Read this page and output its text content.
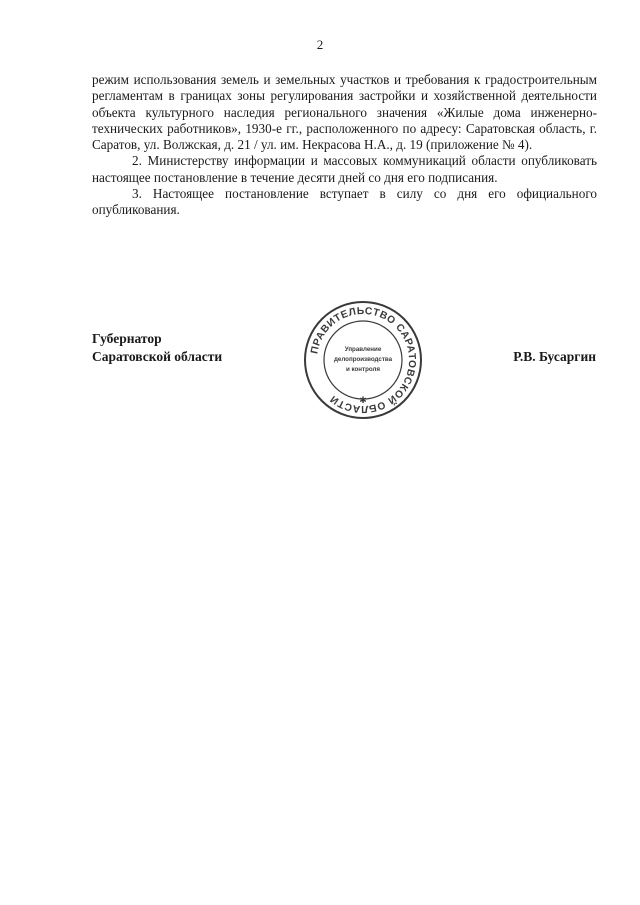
2

режим использования земель и земельных участков и требования к градостроительным регламентам в границах зоны регулирования застройки и хозяйственной деятельности объекта культурного наследия регионального значения «Жилые дома инженерно-технических работников», 1930-е гг., расположенного по адресу: Саратовская область, г. Саратов, ул. Волжская, д. 21 / ул. им. Некрасова Н.А., д. 19 (приложение № 4).

2. Министерству информации и массовых коммуникаций области опубликовать настоящее постановление в течение десяти дней со дня его подписания.

3. Настоящее постановление вступает в силу со дня его официального опубликования.

Губернатор
Саратовской области	Р.В. Бусаргин
ПРАВИТЕЛЬСТВО САРАТОВСКОЙ ОБЛАСТИ
Управление
делопроизводства
и контроля
✱
